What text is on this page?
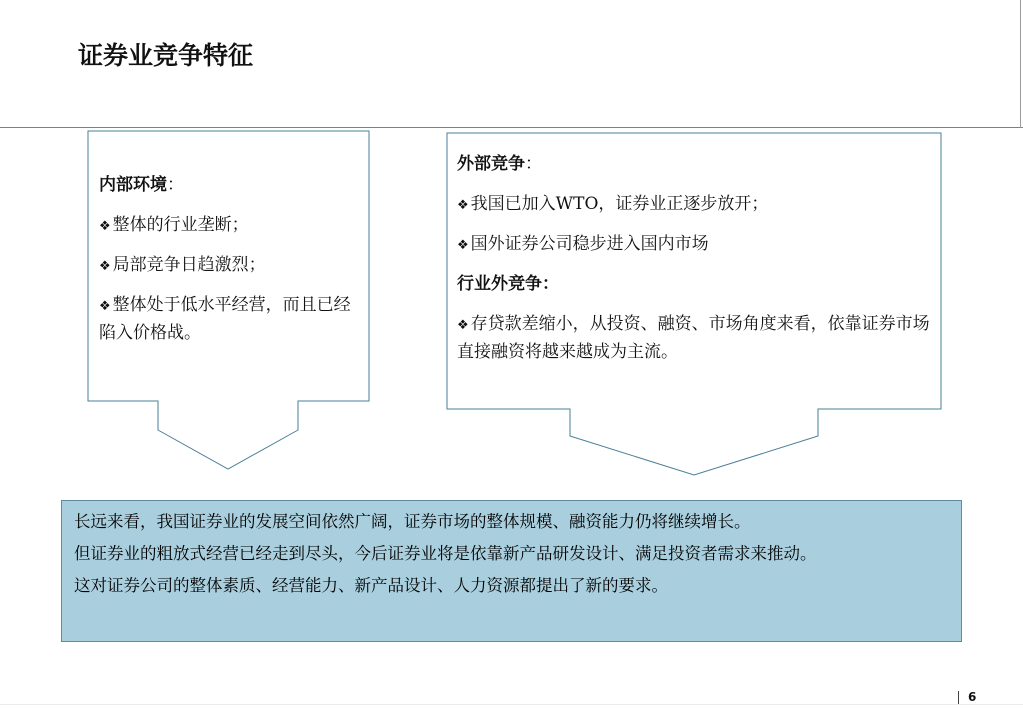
证券业竞争特征
内部环境：
❖ 整体的行业垄断；
❖ 局部竞争日趋激烈；
❖ 整体处于低水平经营，而且已经陷入价格战。
外部竞争：
❖ 我国已加入WTO，证券业正逐步放开；
❖ 国外证券公司稳步进入国内市场
行业外竞争：
❖ 存贷款差缩小，从投资、融资、市场角度来看，依靠证券市场直接融资将越来越成为主流。
长远来看，我国证券业的发展空间依然广阔，证券市场的整体规模、融资能力仍将继续增长。
但证券业的粗放式经营已经走到尽头，今后证券业将是依靠新产品研发设计、满足投资者需求来推动。
这对证券公司的整体素质、经营能力、新产品设计、人力资源都提出了新的要求。
6
